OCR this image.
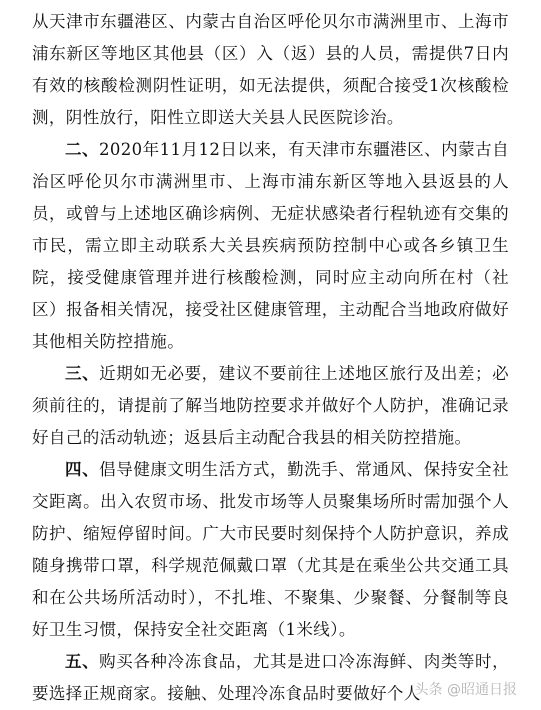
从天津市东疆港区、内蒙古自治区呼伦贝尔市满洲里市、上海市浦东新区等地区其他县（区）入（返）县的人员，需提供7日内有效的核酸检测阴性证明，如无法提供，须配合接受1次核酸检测，阴性放行，阳性立即送大关县人民医院诊治。

二、2020年11月12日以来，有天津市东疆港区、内蒙古自治区呼伦贝尔市满洲里市、上海市浦东新区等地入县返县的人员，或曾与上述地区确诊病例、无症状感染者行程轨迹有交集的市民，需立即主动联系大关县疾病预防控制中心或各乡镇卫生院，接受健康管理并进行核酸检测，同时应主动向所在村（社区）报备相关情况，接受社区健康管理，主动配合当地政府做好其他相关防控措施。

三、近期如无必要，建议不要前往上述地区旅行及出差；必须前往的，请提前了解当地防控要求并做好个人防护，准确记录好自己的活动轨迹；返县后主动配合我县的相关防控措施。

四、倡导健康文明生活方式，勤洗手、常通风、保持安全社交距离。出入农贸市场、批发市场等人员聚集场所时需加强个人防护、缩短停留时间。广大市民要时刻保持个人防护意识，养成随身携带口罩，科学规范佩戴口罩（尤其是在乘坐公共交通工具和在公共场所活动时），不扎堆、不聚集、少聚餐、分餐制等良好卫生习惯，保持安全社交距离（1米线）。

五、购买各种冷冻食品，尤其是进口冷冻海鲜、肉类等时，要选择正规商家。接触、处理冷冻食品时要做好个人

头条 @昭通日报
